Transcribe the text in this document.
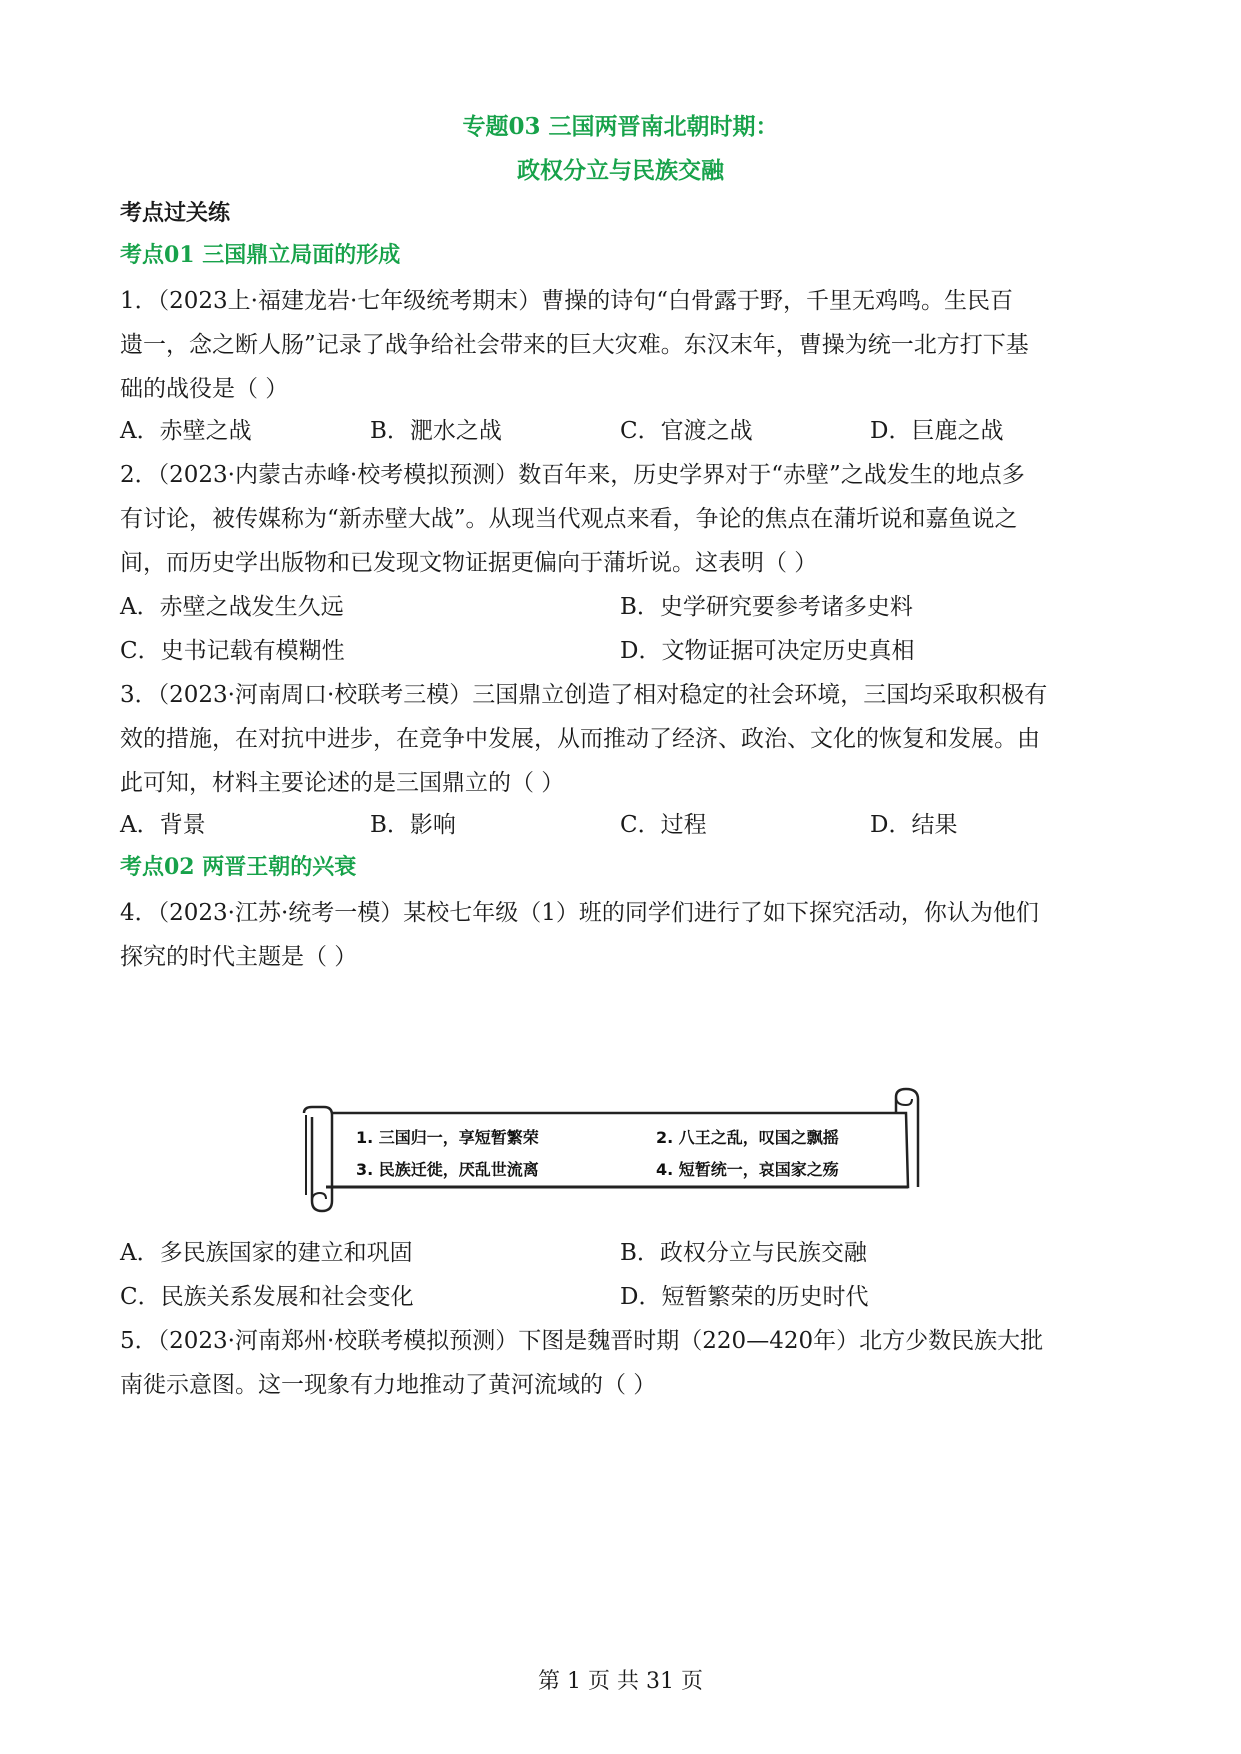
专题03 三国两晋南北朝时期：
政权分立与民族交融
考点过关练
考点01 三国鼎立局面的形成
1．（2023上·福建龙岩·七年级统考期末）曹操的诗句“白骨露于野，千里无鸡鸣。生民百
遗一，念之断人肠”记录了战争给社会带来的巨大灾难。东汉末年，曹操为统一北方打下基
础的战役是（ ）
A．赤壁之战	B．淝水之战	C．官渡之战	D．巨鹿之战
2．（2023·内蒙古赤峰·校考模拟预测）数百年来，历史学界对于“赤壁”之战发生的地点多
有讨论，被传媒称为“新赤壁大战”。从现当代观点来看，争论的焦点在蒲圻说和嘉鱼说之
间，而历史学出版物和已发现文物证据更偏向于蒲圻说。这表明（ ）
A．赤壁之战发生久远	B．史学研究要参考诸多史料
C．史书记载有模糊性	D．文物证据可决定历史真相
3．（2023·河南周口·校联考三模）三国鼎立创造了相对稳定的社会环境，三国均采取积极有
效的措施，在对抗中进步，在竞争中发展，从而推动了经济、政治、文化的恢复和发展。由
此可知，材料主要论述的是三国鼎立的（ ）
A．背景	B．影响	C．过程	D．结果
考点02 两晋王朝的兴衰
4．（2023·江苏·统考一模）某校七年级（1）班的同学们进行了如下探究活动，你认为他们
探究的时代主题是（ ）
1. 三国归一，享短暂繁荣	2. 八王之乱，叹国之飘摇
3. 民族迁徙，厌乱世流离	4. 短暂统一，哀国家之殇
A．多民族国家的建立和巩固	B．政权分立与民族交融
C．民族关系发展和社会变化	D．短暂繁荣的历史时代
5．（2023·河南郑州·校联考模拟预测）下图是魏晋时期（220—420年）北方少数民族大批
南徙示意图。这一现象有力地推动了黄河流域的（ ）
第 1 页 共 31 页
